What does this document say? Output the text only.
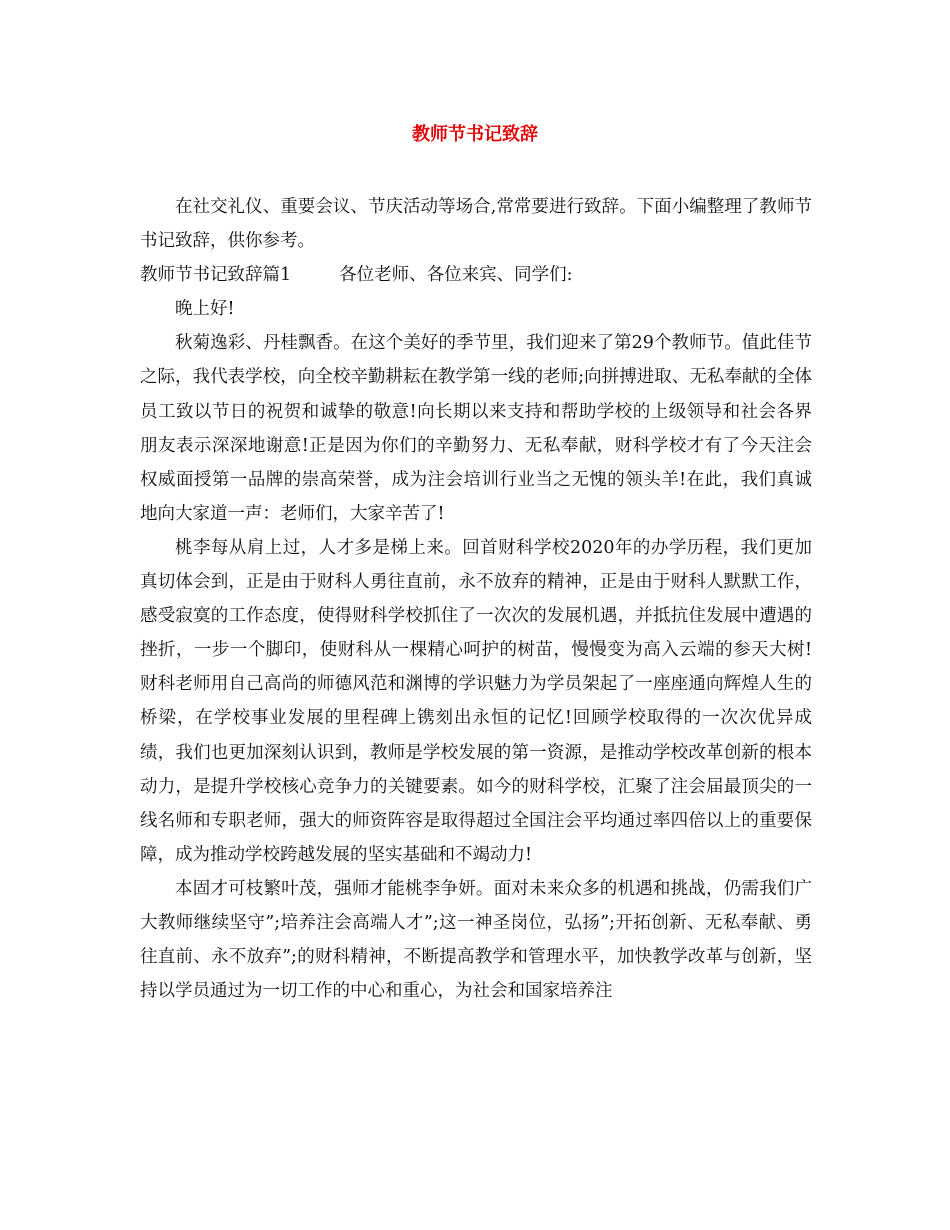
教师节书记致辞

在社交礼仪、重要会议、节庆活动等场合,常常要进行致辞。下面小编整理了教师节书记致辞，供你参考。

教师节书记致辞篇1	各位老师、各位来宾、同学们:

晚上好!

秋菊逸彩、丹桂飘香。在这个美好的季节里，我们迎来了第29个教师节。值此佳节之际，我代表学校，向全校辛勤耕耘在教学第一线的老师;向拼搏进取、无私奉献的全体员工致以节日的祝贺和诚挚的敬意!向长期以来支持和帮助学校的上级领导和社会各界朋友表示深深地谢意!正是因为你们的辛勤努力、无私奉献，财科学校才有了今天注会权威面授第一品牌的崇高荣誉，成为注会培训行业当之无愧的领头羊!在此，我们真诚地向大家道一声：老师们，大家辛苦了!

桃李每从肩上过，人才多是梯上来。回首财科学校2020年的办学历程，我们更加真切体会到，正是由于财科人勇往直前，永不放弃的精神，正是由于财科人默默工作，感受寂寞的工作态度，使得财科学校抓住了一次次的发展机遇，并抵抗住发展中遭遇的挫折，一步一个脚印，使财科从一棵精心呵护的树苗，慢慢变为高入云端的参天大树!财科老师用自己高尚的师德风范和渊博的学识魅力为学员架起了一座座通向辉煌人生的桥梁，在学校事业发展的里程碑上镌刻出永恒的记忆!回顾学校取得的一次次优异成绩，我们也更加深刻认识到，教师是学校发展的第一资源，是推动学校改革创新的根本动力，是提升学校核心竞争力的关键要素。如今的财科学校，汇聚了注会届最顶尖的一线名师和专职老师，强大的师资阵容是取得超过全国注会平均通过率四倍以上的重要保障，成为推动学校跨越发展的坚实基础和不竭动力!

本固才可枝繁叶茂，强师才能桃李争妍。面对未来众多的机遇和挑战，仍需我们广大教师继续坚守”;培养注会高端人才”;这一神圣岗位，弘扬”;开拓创新、无私奉献、勇往直前、永不放弃”;的财科精神，不断提高教学和管理水平，加快教学改革与创新，坚持以学员通过为一切工作的中心和重心，为社会和国家培养注
